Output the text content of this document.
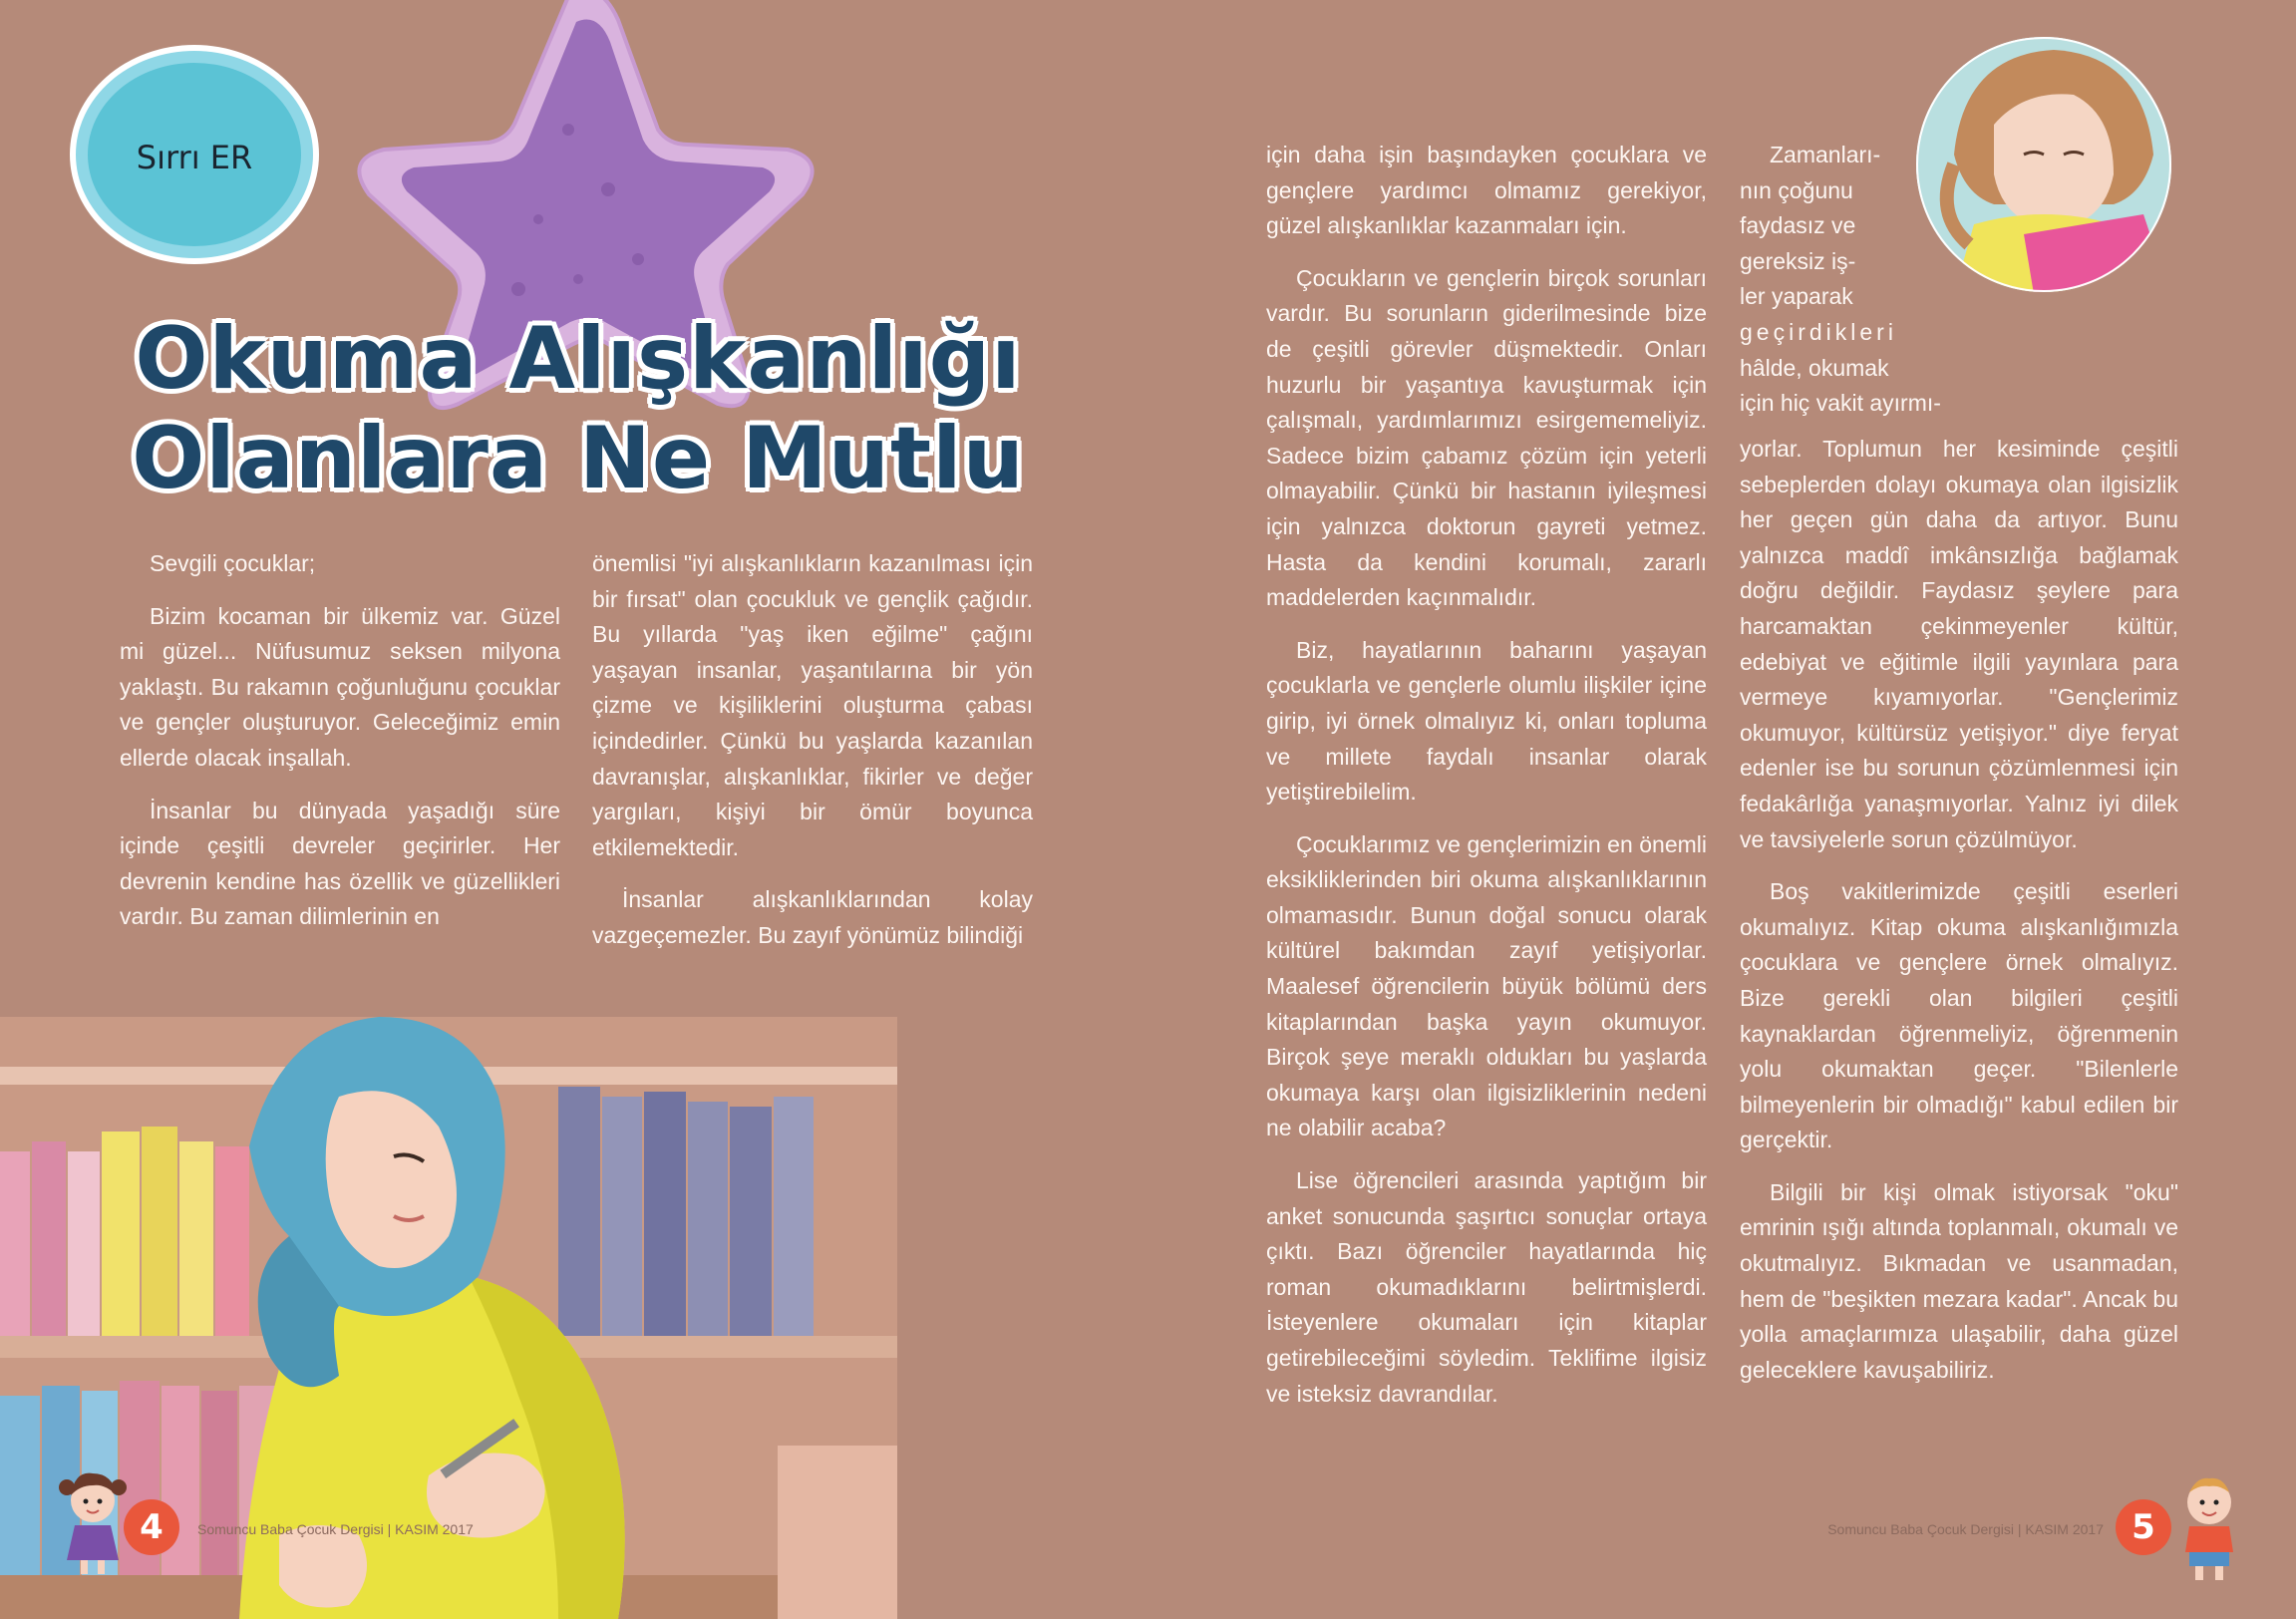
Sırrı ER
Okuma Alışkanlığı
Olanlara Ne Mutlu

Sevgili çocuklar;

Bizim kocaman bir ülkemiz var. Güzel mi güzel... Nüfusumuz seksen milyona yaklaştı. Bu rakamın çoğunluğunu çocuklar ve gençler oluşturuyor. Geleceğimiz emin ellerde olacak inşallah.

İnsanlar bu dünyada yaşadığı süre içinde çeşitli devreler geçirirler. Her devrenin kendine has özellik ve güzellikleri vardır. Bu zaman dilimlerinin en

önemlisi "iyi alışkanlıkların kazanılması için bir fırsat" olan çocukluk ve gençlik çağıdır. Bu yıllarda "yaş iken eğilme" çağını yaşayan insanlar, yaşantılarına bir yön çizme ve kişiliklerini oluşturma çabası içindedirler. Çünkü bu yaşlarda kazanılan davranışlar, alışkanlıklar, fikirler ve değer yargıları, kişiyi bir ömür boyunca etkilemektedir.

İnsanlar alışkanlıklarından kolay vazgeçemezler. Bu zayıf yönümüz bilindiği

için daha işin başındayken çocuklara ve gençlere yardımcı olmamız gerekiyor, güzel alışkanlıklar kazanmaları için.

Çocukların ve gençlerin birçok sorunları vardır. Bu sorunların giderilmesinde bize de çeşitli görevler düşmektedir. Onları huzurlu bir yaşantıya kavuşturmak için çalışmalı, yardımlarımızı esirgememeliyiz. Sadece bizim çabamız çözüm için yeterli olmayabilir. Çünkü bir hastanın iyileşmesi için yalnızca doktorun gayreti yetmez. Hasta da kendini korumalı, zararlı maddelerden kaçınmalıdır.

Biz, hayatlarının baharını yaşayan çocuklarla ve gençlerle olumlu ilişkiler içine girip, iyi örnek olmalıyız ki, onları topluma ve millete faydalı insanlar olarak yetiştirebilelim.

Çocuklarımız ve gençlerimizin en önemli eksikliklerinden biri okuma alışkanlıklarının olmamasıdır. Bunun doğal sonucu olarak kültürel bakımdan zayıf yetişiyorlar. Maalesef öğrencilerin büyük bölümü ders kitaplarından başka yayın okumuyor. Birçok şeye meraklı oldukları bu yaşlarda okumaya karşı olan ilgisizliklerinin nedeni ne olabilir acaba?

Lise öğrencileri arasında yaptığım bir anket sonucunda şaşırtıcı sonuçlar ortaya çıktı. Bazı öğrenciler hayatlarında hiç roman okumadıklarını belirtmişlerdi. İsteyenlere okumaları için kitaplar getirebileceğimi söyledim. Teklifime ilgisiz ve isteksiz davrandılar.

Zamanları-
nın çoğunu
faydasız ve
gereksiz iş-
ler yaparak
geçirdikleri
hâlde, okumak
için hiç vakit ayırmı-

yorlar. Toplumun her kesiminde çeşitli sebeplerden dolayı okumaya olan ilgisizlik her geçen gün daha da artıyor. Bunu yalnızca maddî imkânsızlığa bağlamak doğru değildir. Faydasız şeylere para harcamaktan çekinmeyenler kültür, edebiyat ve eğitimle ilgili yayınlara para vermeye kıyamıyorlar. "Gençlerimiz okumuyor, kültürsüz yetişiyor." diye feryat edenler ise bu sorunun çözümlenmesi için fedakârlığa yanaşmıyorlar. Yalnız iyi dilek ve tavsiyelerle sorun çözülmüyor.

Boş vakitlerimizde çeşitli eserleri okumalıyız. Kitap okuma alışkanlığımızla çocuklara ve gençlere örnek olmalıyız. Bize gerekli olan bilgileri çeşitli kaynaklardan öğrenmeliyiz, öğrenmenin yolu okumaktan geçer. "Bilenlerle bilmeyenlerin bir olmadığı" kabul edilen bir gerçektir.

Bilgili bir kişi olmak istiyorsak "oku" emrinin ışığı altında toplanmalı, okumalı ve okutmalıyız. Bıkmadan ve usanmadan, hem de "beşikten mezara kadar". Ancak bu yolla amaçlarımıza ulaşabilir, daha güzel geleceklere kavuşabiliriz.

4	Somuncu Baba Çocuk Dergisi | KASIM 2017	Somuncu Baba Çocuk Dergisi | KASIM 2017 5
